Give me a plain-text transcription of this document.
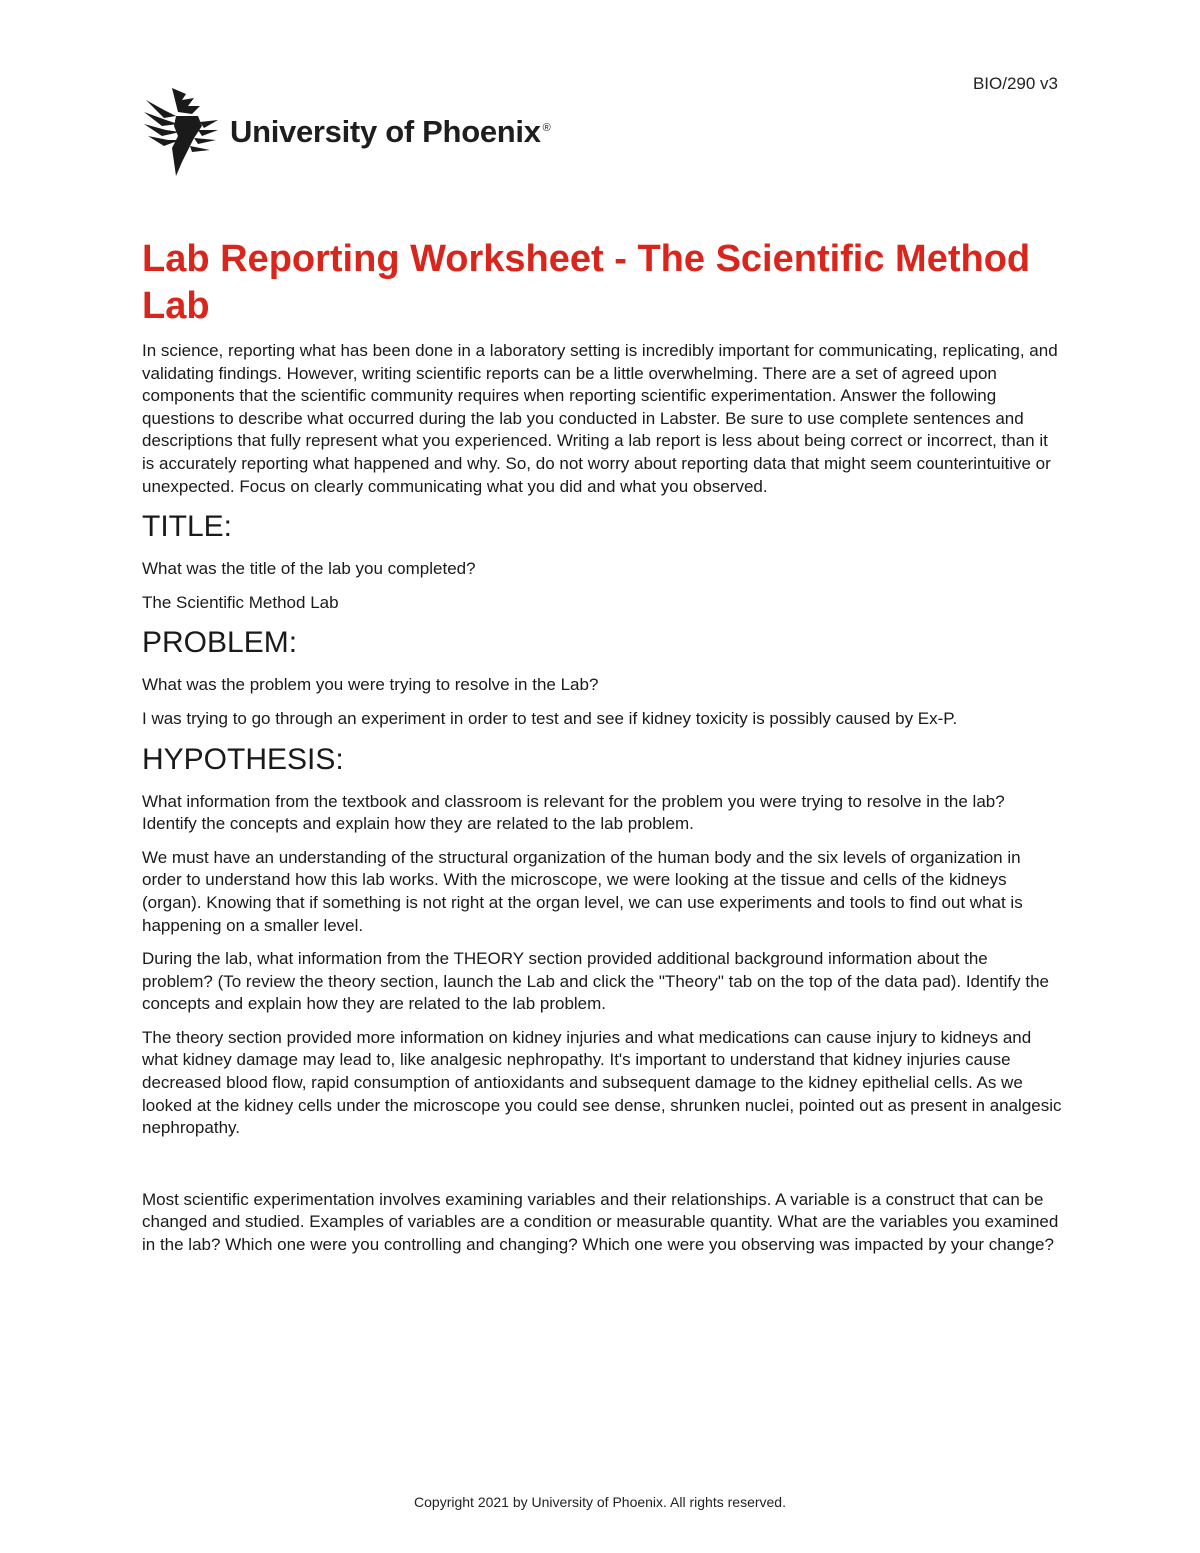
BIO/290 v3
University of Phoenix ®
Lab Reporting Worksheet - The Scientific Method Lab

In science, reporting what has been done in a laboratory setting is incredibly important for communicating, replicating, and validating findings. However, writing scientific reports can be a little overwhelming. There are a set of agreed upon components that the scientific community requires when reporting scientific experimentation. Answer the following questions to describe what occurred during the lab you conducted in Labster. Be sure to use complete sentences and descriptions that fully represent what you experienced. Writing a lab report is less about being correct or incorrect, than it is accurately reporting what happened and why. So, do not worry about reporting data that might seem counterintuitive or unexpected. Focus on clearly communicating what you did and what you observed.

TITLE:

What was the title of the lab you completed?

The Scientific Method Lab

PROBLEM:

What was the problem you were trying to resolve in the Lab?

I was trying to go through an experiment in order to test and see if kidney toxicity is possibly caused by Ex-P.

HYPOTHESIS:

What information from the textbook and classroom is relevant for the problem you were trying to resolve in the lab? Identify the concepts and explain how they are related to the lab problem.

We must have an understanding of the structural organization of the human body and the six levels of organization in order to understand how this lab works. With the microscope, we were looking at the tissue and cells of the kidneys (organ). Knowing that if something is not right at the organ level, we can use experiments and tools to find out what is happening on a smaller level.

During the lab, what information from the THEORY section provided additional background information about the problem? (To review the theory section, launch the Lab and click the "Theory" tab on the top of the data pad). Identify the concepts and explain how they are related to the lab problem.

The theory section provided more information on kidney injuries and what medications can cause injury to kidneys and what kidney damage may lead to, like analgesic nephropathy. It's important to understand that kidney injuries cause decreased blood flow, rapid consumption of antioxidants and subsequent damage to the kidney epithelial cells. As we looked at the kidney cells under the microscope you could see dense, shrunken nuclei, pointed out as present in analgesic nephropathy.

Most scientific experimentation involves examining variables and their relationships. A variable is a construct that can be changed and studied. Examples of variables are a condition or measurable quantity. What are the variables you examined in the lab? Which one were you controlling and changing? Which one were you observing was impacted by your change?

Copyright 2021 by University of Phoenix. All rights reserved.
